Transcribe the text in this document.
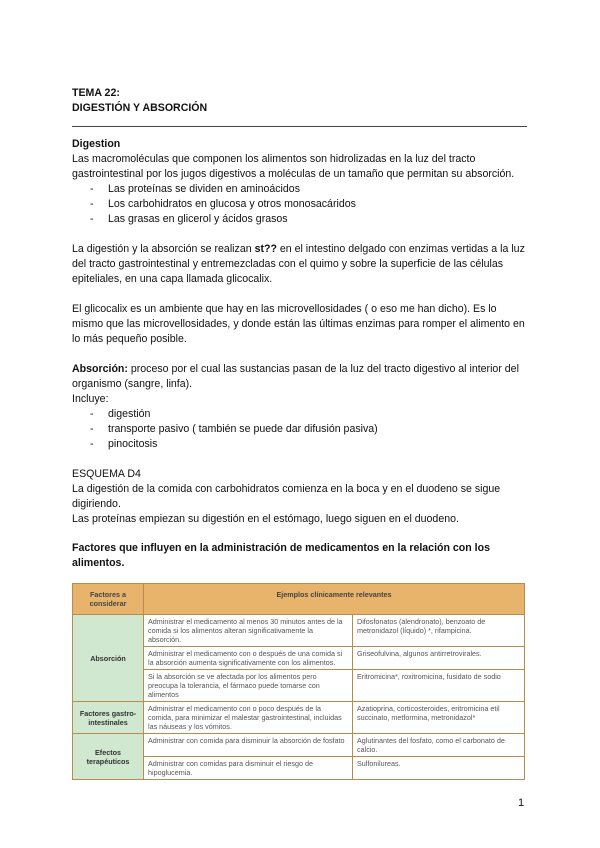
TEMA 22:
DIGESTIÓN Y ABSORCIÓN
Digestion

Las macromoléculas que componen los alimentos son hidrolizadas en la luz del tracto gastrointestinal por los jugos digestivos a moléculas de un tamaño que permitan su absorción.

- Las proteínas se dividen en aminoácidos
- Los carbohidratos en glucosa y otros monosacáridos
- Las grasas en glicerol y ácidos grasos

La digestión y la absorción se realizan st?? en el intestino delgado con enzimas vertidas a la luz del tracto gastrointestinal y entremezcladas con el quimo y sobre la superficie de las células epiteliales, en una capa llamada glicocalix.

El glicocalix es un ambiente que hay en las microvellosidades ( o eso me han dicho). Es lo mismo que las microvellosidades, y donde están las últimas enzimas para romper el alimento en lo más pequeño posible.

Absorción: proceso por el cual las sustancias pasan de la luz del tracto digestivo al interior del organismo (sangre, linfa).

Incluye:

- digestión
- transporte pasivo ( también se puede dar difusión pasiva)
- pinocitosis

ESQUEMA D4

La digestión de la comida con carbohidratos comienza en la boca y en el duodeno se sigue digiriendo.

Las proteínas empiezan su digestión en el estómago, luego siguen en el duodeno.

Factores que influyen en la administración de medicamentos en la relación con los alimentos.

Factores a considerar	Ejemplos clínicamente relevantes	
Absorción	Administrar el medicamento al menos 30 minutos antes de la comida si los alimentos alteran significativamente la absorción.	Difosfonatos (alendronato), benzoato de metronidazol (líquido) *, rifampicina.
	Administrar el medicamento con o después de una comida si la absorción aumenta significativamente con los alimentos.	Griseofulvina, algunos antirretrovirales.
	Si la absorción se ve afectada por los alimentos pero preocupa la tolerancia, el fármaco puede tomarse con alimentos	Eritromicina*, roxitromicina, fusidato de sodio
Factores gastro-intestinales	Administrar el medicamento con o poco después de la comida, para minimizar el malestar gastrointestinal, incluidas las náuseas y los vómitos.	Azatioprina, corticosteroides, eritromicina etil succinato, metformina, metronidazol*
Efectos terapéuticos	Administrar con comida para disminuir la absorción de fosfato	Aglutinantes del fosfato, como el carbonato de calcio.
	Administrar con comidas para disminuir el riesgo de hipoglucemia.	Sulfonilureas.
1
